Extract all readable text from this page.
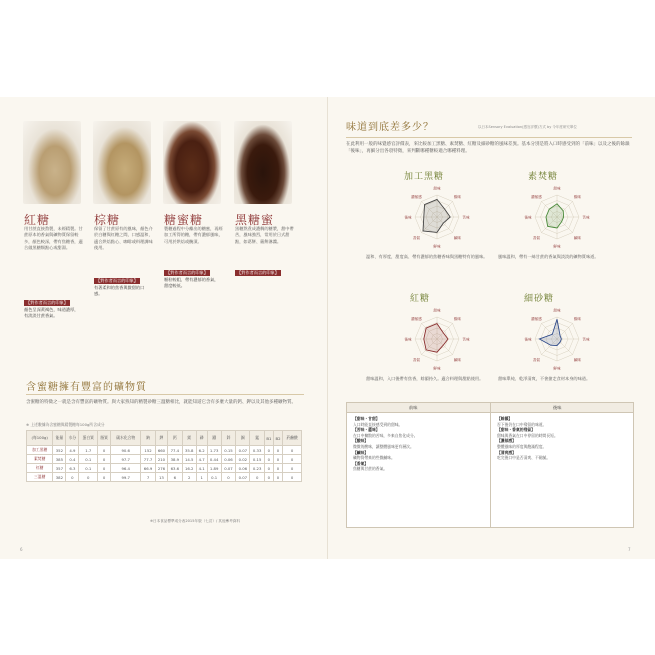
紅糖	棕糖	糖蜜糖	黑糖蜜
用甘蔗直接熬製，未經精製。甘蔗原本的香氣與礦物質保留較多，顏色較深，帶有焦糖香，適合做黑糖類點心或甜湯。
保留了甘蔗原有的風味，顏色介於白糖與紅糖之間，口感溫和，適合烘焙點心、咖啡或料理調味使用。
製糖過程中分離出的糖蜜，再經加工所得的糖，帶有濃郁風味，可用於烘焙或醃漬。
黑糖熬煮成濃稠的糖漿，甜中帶苦，風味強烈，常用於日式甜點，如葛餅、蕨餅淋醬。
【對作者而言的印象】
顏色呈深黃褐色，味道濃厚，有淡淡甘蔗香氣。
【對作者而言的印象】
有著柔和的焦香與微甜的口感。
【對作者而言的印象】
顆粒較粗、帶有濃郁的香氣，甜度較低。
【對作者而言的印象】
含蜜糖擁有豐富的礦物質
含蜜糖的特徵之一就是含有豐富的礦物質。與大家熟知的精製砂糖三溫糖相比，就能知道它含有多麼大量的鈣、鉀以及其他多種礦物質。
※ 上述數據為含蜜糖與精製糖每100g所含成分
(每100g)	能量	水分	蛋白質	脂質	碳水化合物	鈉	鉀	鈣	鎂	磷	鐵	鋅	銅	錳	B1	B2	菸鹼酸
加工黑糖	352	4.9	1.7	0	90.6	152	660	77.4	35.8	6.2	1.73	0.15	0.07	0.33	0	0	0
素焚糖	385	0.4	0.1	0	97.7	77.7	210	38.9	14.5	4.7	0.44	0.06	0.02	0.15	0	0	0
紅糖	357	6.3	0.1	0	96.4	66.9	276	63.6	16.2	4.1	1.89	0.07	0.06	0.23	0	0	0
三溫糖	382	0	0	0	99.7	7	13	6	2	1	0.1	0	0.07	0	0	0	0
※日本食品標準成分表2015年版（七訂）/ 其他參考資料
6
味道到底差多少？	以日本Sensory Evaluation(感官評價)方式 by 今年度研究單位
在此利用一般的味覺感官評價表，來比較加工黑糖、素焚糖、紅糖及細砂糖的風味差異。基本分別是將入口時感受到的「前味」以及之後的餘韻「後味」，再細分出各項特徵，來判斷哪種糖較適合哪種料理。
加工黑糖	素焚糖
紅糖	細砂糖
甜味
酸味
苦味
鹹味
鮮味
香氣
後味
濃郁感
甜味
酸味
苦味
鹹味
鮮味
香氣
後味
濃郁感
甜味
酸味
苦味
鹹味
鮮味
香氣
後味
濃郁感
甜味
酸味
苦味
鹹味
鮮味
香氣
後味
濃郁感
溫和、有厚度，甜度高、帶有濃郁的焦糖香味與黑糖特有的風味。	風味溫和，帶有一絲甘蔗的香氣與淡淡的礦物質味道。
甜味溫和，入口後帶有焦香，餘韻持久。適合料理與甜點使用。	甜味單純、乾淨清爽，不會搶走食材本身的味道。
前味	後味
【甜味・甘甜】
入口時能直接感受到的甜味。
【苦味・澀味】
在口中擴散的苦味，多來自焦化成分。
【酸味】
微微的酸味，讓整體風味更有層次。
【鹹味】
礦物質帶來的些微鹹味。
【香氣】
焦糖與甘蔗的香氣。
【餘韻】
吞下後仍在口中殘留的味道。
【甜味・香氣的殘留】
甜味與香氣在口中停留的時間長短。
【濃郁感】
整體風味的厚度與飽滿程度。
【清爽感】
吃完後口中是否清爽、不黏膩。
7
